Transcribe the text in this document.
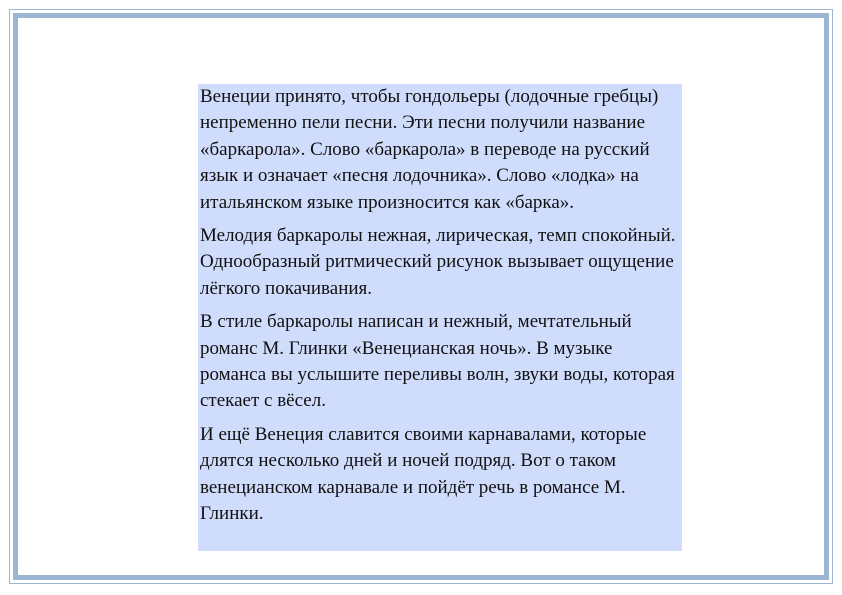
Венеции принято, чтобы гондольеры (лодочные гребцы) непременно пели песни. Эти песни получили название «баркарола». Слово «баркарола» в переводе на русский язык и означает «песня лодочника». Слово «лодка» на итальянском языке произносится как «барка».

Мелодия баркаролы нежная, лирическая, темп спокойный. Однообразный ритмический рисунок вызывает ощущение лёгкого покачивания.

В стиле баркаролы написан и нежный, мечтательный романс М. Глинки «Венецианская ночь». В музыке романса вы услышите переливы волн, звуки воды, которая стекает с вёсел.

И ещё Венеция славится своими карнавалами, которые длятся несколько дней и ночей подряд. Вот о таком венецианском карнавале и пойдёт речь в романсе М. Глинки.
